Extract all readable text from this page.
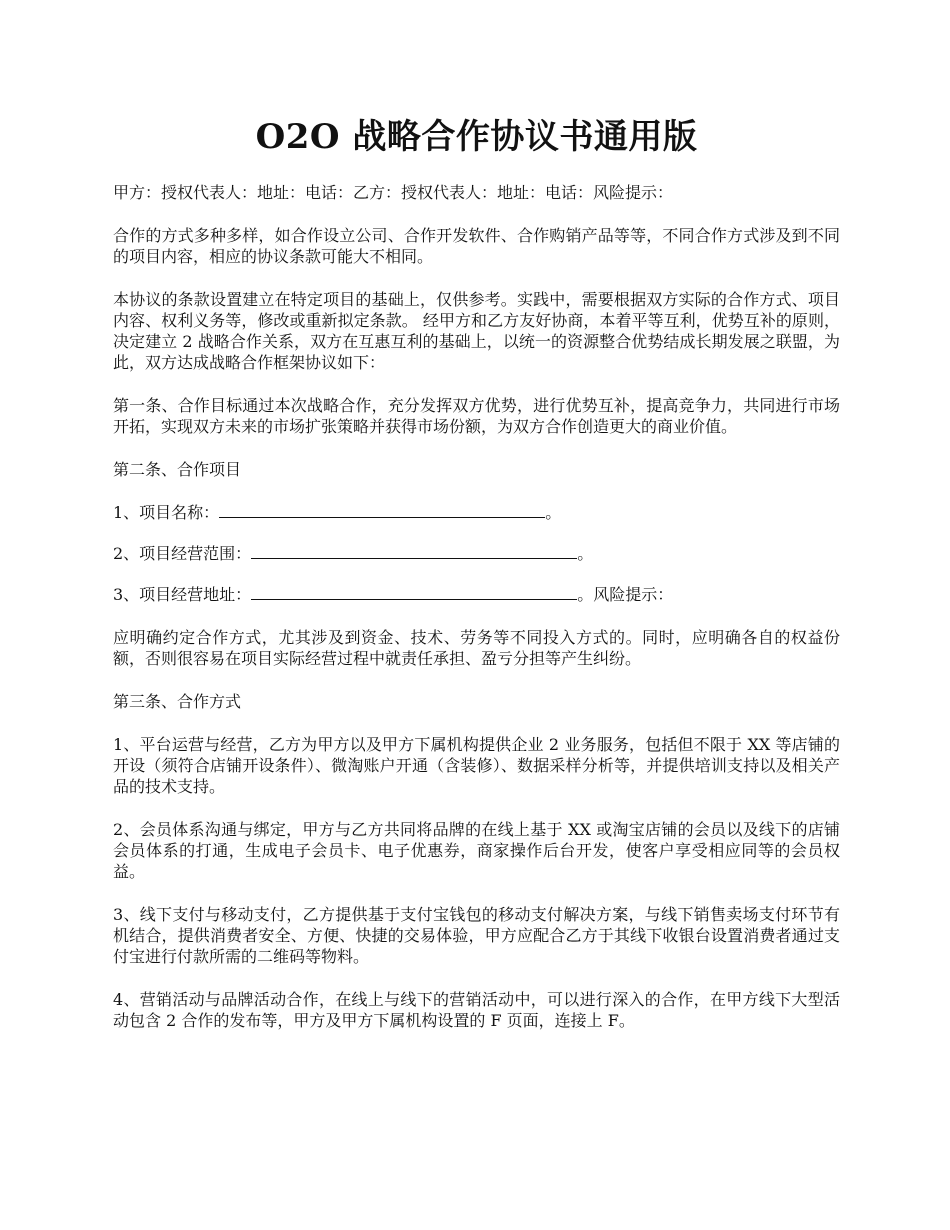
O2O 战略合作协议书通用版

甲方：授权代表人：地址：电话：乙方：授权代表人：地址：电话：风险提示：

合作的方式多种多样，如合作设立公司、合作开发软件、合作购销产品等等，不同合作方式涉及到不同的项目内容，相应的协议条款可能大不相同。

本协议的条款设置建立在特定项目的基础上，仅供参考。实践中，需要根据双方实际的合作方式、项目内容、权利义务等，修改或重新拟定条款。 经甲方和乙方友好协商，本着平等互利，优势互补的原则，决定建立 2 战略合作关系，双方在互惠互利的基础上，以统一的资源整合优势结成长期发展之联盟，为此，双方达成战略合作框架协议如下：

第一条、合作目标通过本次战略合作，充分发挥双方优势，进行优势互补，提高竞争力，共同进行市场开拓，实现双方未来的市场扩张策略并获得市场份额，为双方合作创造更大的商业价值。

第二条、合作项目

1、项目名称：	。

2、项目经营范围：	。

3、项目经营地址：	。风险提示：

应明确约定合作方式，尤其涉及到资金、技术、劳务等不同投入方式的。同时，应明确各自的权益份额，否则很容易在项目实际经营过程中就责任承担、盈亏分担等产生纠纷。

第三条、合作方式

1、平台运营与经营，乙方为甲方以及甲方下属机构提供企业 2 业务服务，包括但不限于 XX 等店铺的开设（须符合店铺开设条件）、微淘账户开通（含装修）、数据采样分析等，并提供培训支持以及相关产品的技术支持。

2、会员体系沟通与绑定，甲方与乙方共同将品牌的在线上基于 XX 或淘宝店铺的会员以及线下的店铺会员体系的打通，生成电子会员卡、电子优惠券，商家操作后台开发，使客户享受相应同等的会员权益。

3、线下支付与移动支付，乙方提供基于支付宝钱包的移动支付解决方案，与线下销售卖场支付环节有机结合，提供消费者安全、方便、快捷的交易体验，甲方应配合乙方于其线下收银台设置消费者通过支付宝进行付款所需的二维码等物料。

4、营销活动与品牌活动合作，在线上与线下的营销活动中，可以进行深入的合作，在甲方线下大型活动包含 2 合作的发布等，甲方及甲方下属机构设置的 F 页面，连接上 F。
